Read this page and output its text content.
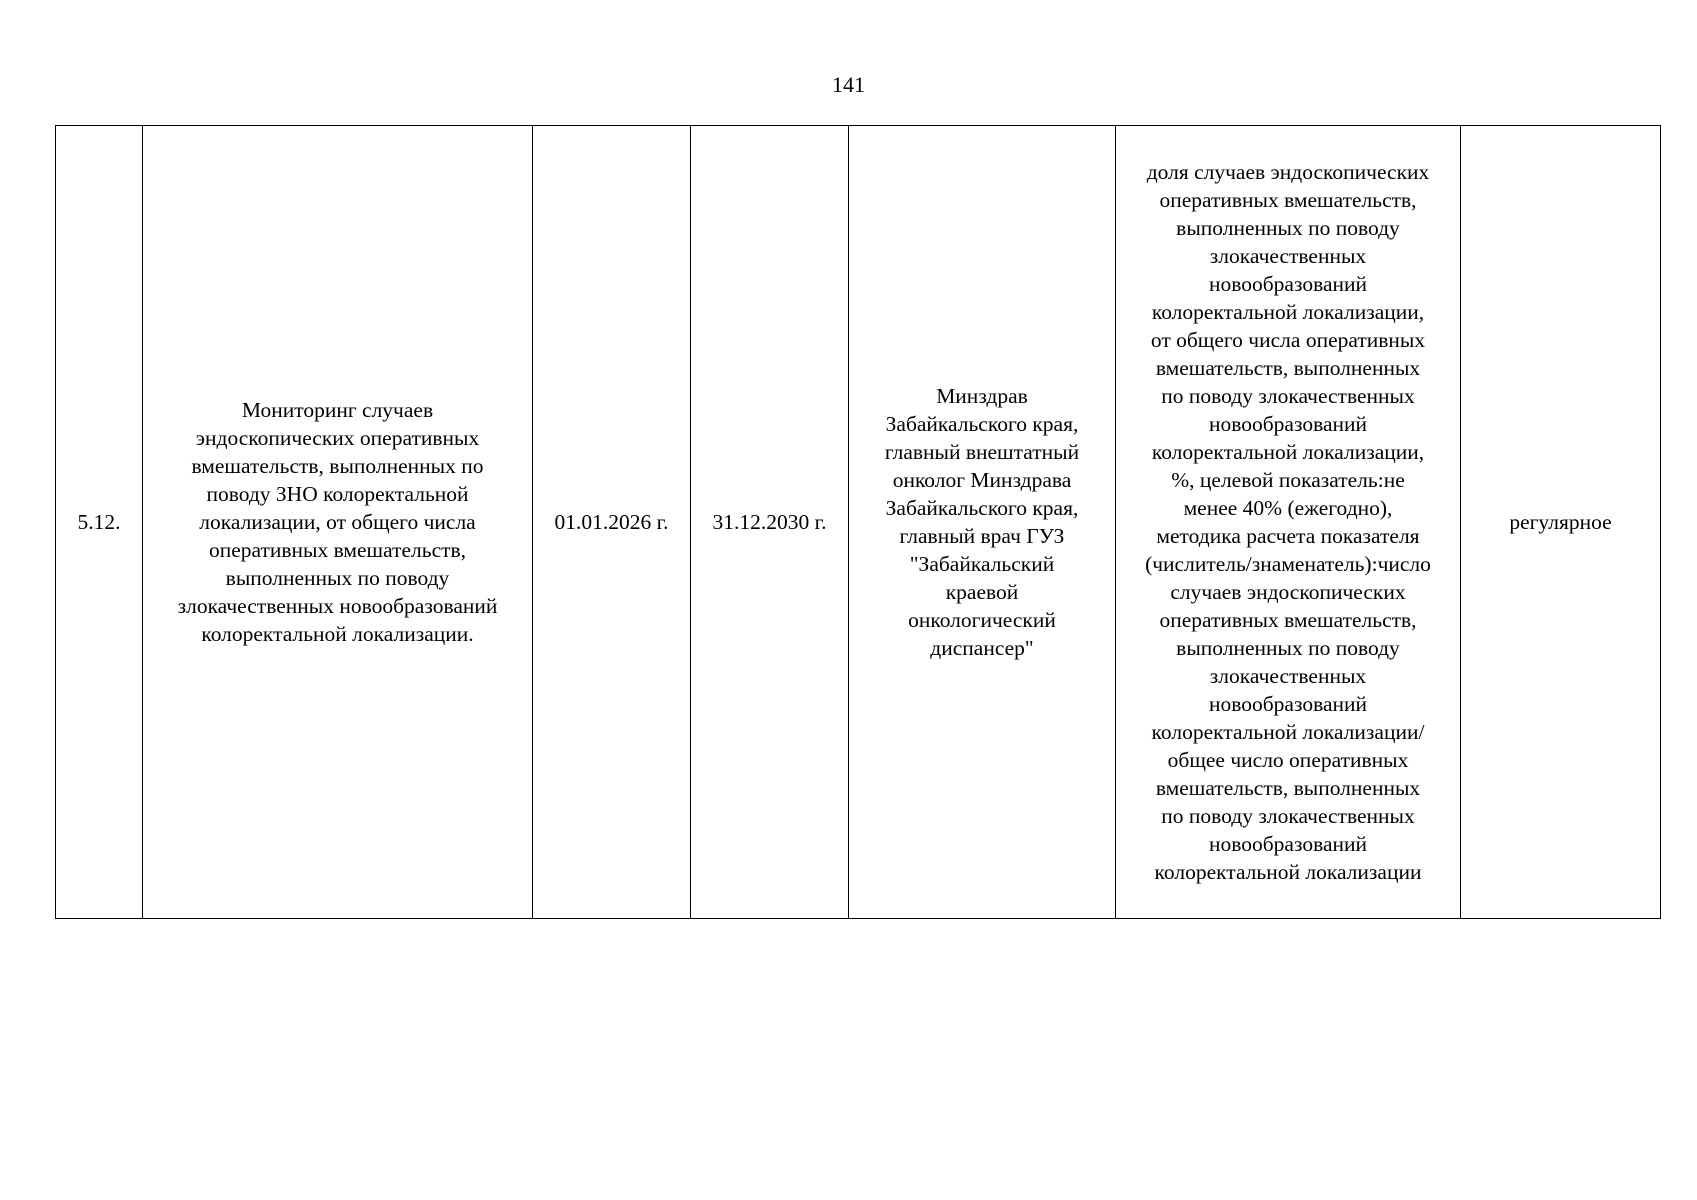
141
5.12.	Мониторинг случаев
эндоскопических оперативных
вмешательств, выполненных по
поводу ЗНО колоректальной
локализации, от общего числа
оперативных вмешательств,
выполненных по поводу
злокачественных новообразований
колоректальной локализации.	01.01.2026 г.	31.12.2030 г.	Минздрав
Забайкальского края,
главный внештатный
онколог Минздрава
Забайкальского края,
главный врач ГУЗ
"Забайкальский
краевой
онкологический
диспансер"	доля случаев эндоскопических
оперативных вмешательств,
выполненных по поводу
злокачественных
новообразований
колоректальной локализации,
от общего числа оперативных
вмешательств, выполненных
по поводу злокачественных
новообразований
колоректальной локализации,
%, целевой показатель:не
менее 40% (ежегодно),
методика расчета показателя
(числитель/знаменатель):число
случаев эндоскопических
оперативных вмешательств,
выполненных по поводу
злокачественных
новообразований
колоректальной локализации/
общее число оперативных
вмешательств, выполненных
по поводу злокачественных
новообразований
колоректальной локализации	регулярное
